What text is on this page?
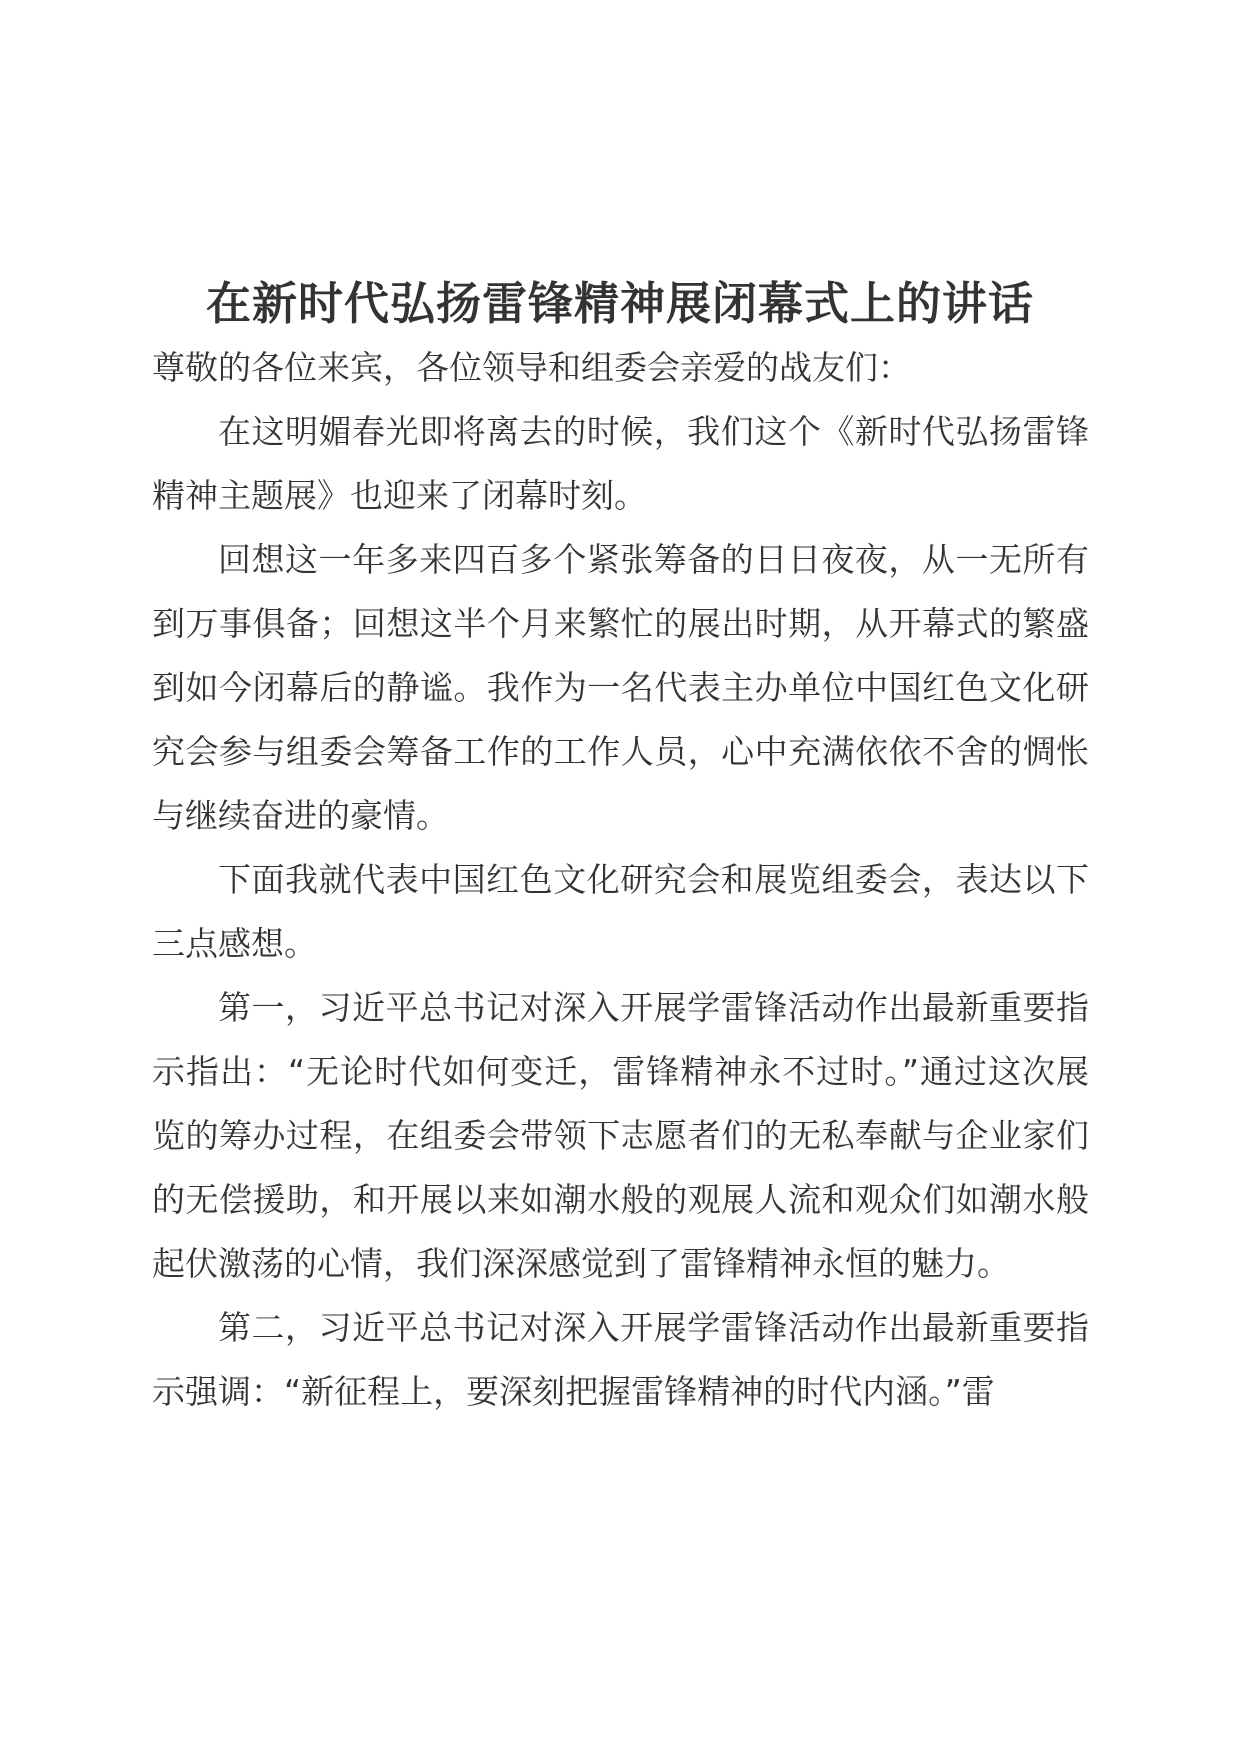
在新时代弘扬雷锋精神展闭幕式上的讲话

尊敬的各位来宾，各位领导和组委会亲爱的战友们：

在这明媚春光即将离去的时候，我们这个《新时代弘扬雷锋精神主题展》也迎来了闭幕时刻。

回想这一年多来四百多个紧张筹备的日日夜夜，从一无所有到万事俱备；回想这半个月来繁忙的展出时期，从开幕式的繁盛到如今闭幕后的静谧。我作为一名代表主办单位中国红色文化研究会参与组委会筹备工作的工作人员，心中充满依依不舍的惆怅与继续奋进的豪情。

下面我就代表中国红色文化研究会和展览组委会，表达以下三点感想。

第一，习近平总书记对深入开展学雷锋活动作出最新重要指示指出：“无论时代如何变迁，雷锋精神永不过时。”通过这次展览的筹办过程，在组委会带领下志愿者们的无私奉献与企业家们的无偿援助，和开展以来如潮水般的观展人流和观众们如潮水般起伏激荡的心情，我们深深感觉到了雷锋精神永恒的魅力。

第二，习近平总书记对深入开展学雷锋活动作出最新重要指示强调：“新征程上，要深刻把握雷锋精神的时代内涵。”雷
